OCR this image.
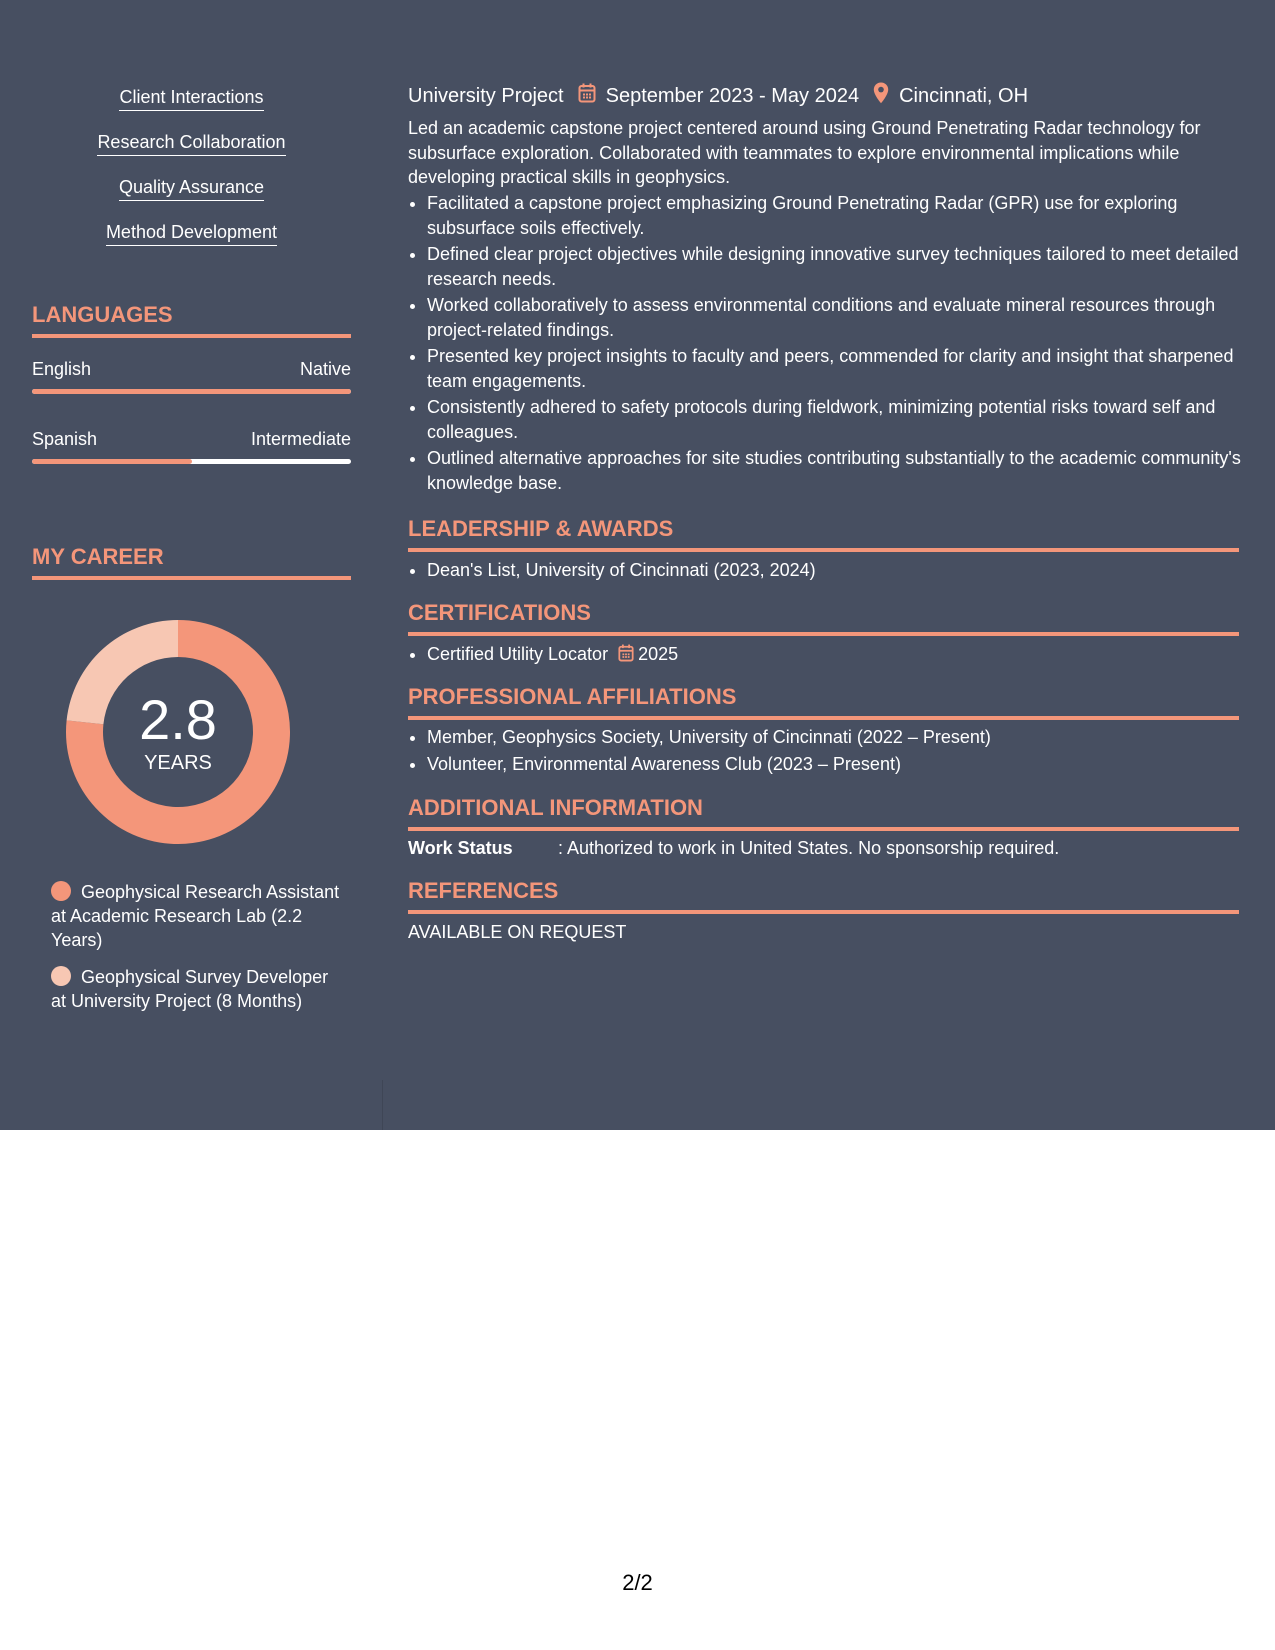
Client Interactions
Research Collaboration
Quality Assurance
Method Development
LANGUAGES
English	Native
Spanish	Intermediate
MY CAREER
2.8
YEARS
Geophysical Research Assistant at Academic Research Lab (2.2 Years)
Geophysical Survey Developer at University Project (8 Months)
University Project September 2023 - May 2024 Cincinnati, OH

Led an academic capstone project centered around using Ground Penetrating Radar technology for subsurface exploration. Collaborated with teammates to explore environmental implications while developing practical skills in geophysics.

• Facilitated a capstone project emphasizing Ground Penetrating Radar (GPR) use for exploring subsurface soils effectively.
• Defined clear project objectives while designing innovative survey techniques tailored to meet detailed research needs.
• Worked collaboratively to assess environmental conditions and evaluate mineral resources through project-related findings.
• Presented key project insights to faculty and peers, commended for clarity and insight that sharpened team engagements.
• Consistently adhered to safety protocols during fieldwork, minimizing potential risks toward self and colleagues.
• Outlined alternative approaches for site studies contributing substantially to the academic community's knowledge base.
LEADERSHIP & AWARDS
• Dean's List, University of Cincinnati (2023, 2024)
CERTIFICATIONS
• Certified Utility Locator 2025
PROFESSIONAL AFFILIATIONS
• Member, Geophysics Society, University of Cincinnati (2022 – Present)
• Volunteer, Environmental Awareness Club (2023 – Present)
ADDITIONAL INFORMATION
Work Status	: Authorized to work in United States. No sponsorship required.
REFERENCES
AVAILABLE ON REQUEST
2/2
